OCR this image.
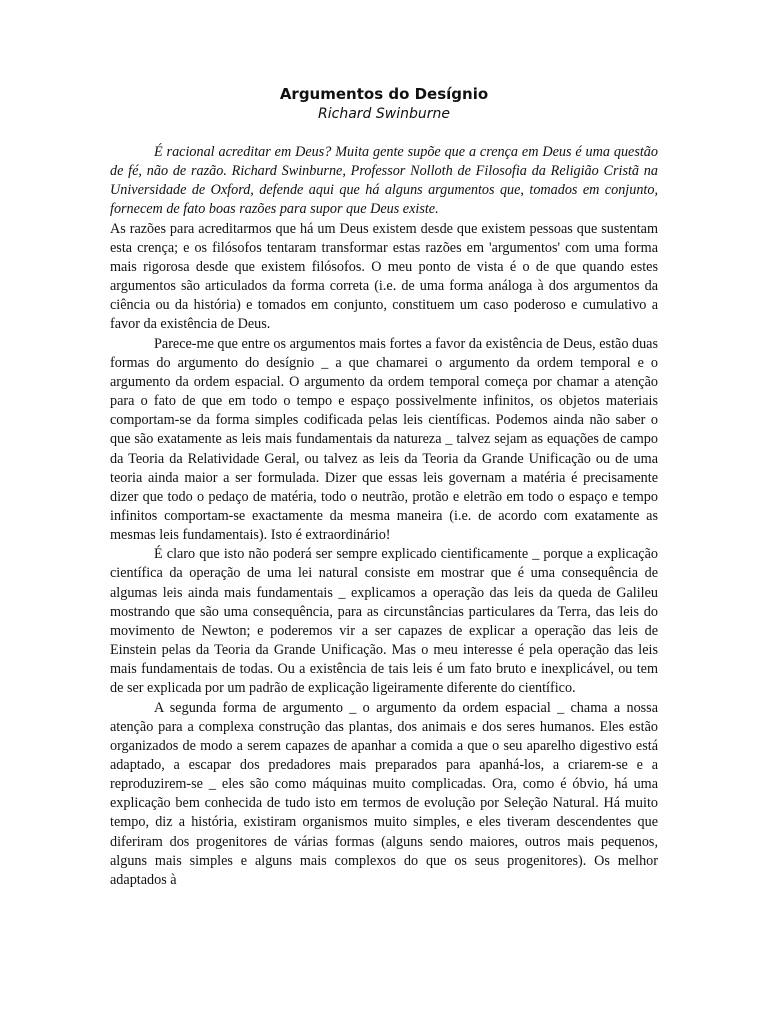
Argumentos do Desígnio
Richard Swinburne

É racional acreditar em Deus? Muita gente supõe que a crença em Deus é uma questão de fé, não de razão. Richard Swinburne, Professor Nolloth de Filosofia da Religião Cristã na Universidade de Oxford, defende aqui que há alguns argumentos que, tomados em conjunto, fornecem de fato boas razões para supor que Deus existe.

As razões para acreditarmos que há um Deus existem desde que existem pessoas que sustentam esta crença; e os filósofos tentaram transformar estas razões em 'argumentos' com uma forma mais rigorosa desde que existem filósofos. O meu ponto de vista é o de que quando estes argumentos são articulados da forma correta (i.e. de uma forma análoga à dos argumentos da ciência ou da história) e tomados em conjunto, constituem um caso poderoso e cumulativo a favor da existência de Deus.

Parece-me que entre os argumentos mais fortes a favor da existência de Deus, estão duas formas do argumento do desígnio _ a que chamarei o argumento da ordem temporal e o argumento da ordem espacial. O argumento da ordem temporal começa por chamar a atenção para o fato de que em todo o tempo e espaço possivelmente infinitos, os objetos materiais comportam-se da forma simples codificada pelas leis científicas. Podemos ainda não saber o que são exatamente as leis mais fundamentais da natureza _ talvez sejam as equações de campo da Teoria da Relatividade Geral, ou talvez as leis da Teoria da Grande Unificação ou de uma teoria ainda maior a ser formulada. Dizer que essas leis governam a matéria é precisamente dizer que todo o pedaço de matéria, todo o neutrão, protão e eletrão em todo o espaço e tempo infinitos comportam-se exactamente da mesma maneira (i.e. de acordo com exatamente as mesmas leis fundamentais). Isto é extraordinário!

É claro que isto não poderá ser sempre explicado cientificamente _ porque a explicação científica da operação de uma lei natural consiste em mostrar que é uma consequência de algumas leis ainda mais fundamentais _ explicamos a operação das leis da queda de Galileu mostrando que são uma consequência, para as circunstâncias particulares da Terra, das leis do movimento de Newton; e poderemos vir a ser capazes de explicar a operação das leis de Einstein pelas da Teoria da Grande Unificação. Mas o meu interesse é pela operação das leis mais fundamentais de todas. Ou a existência de tais leis é um fato bruto e inexplicável, ou tem de ser explicada por um padrão de explicação ligeiramente diferente do científico.

A segunda forma de argumento _ o argumento da ordem espacial _ chama a nossa atenção para a complexa construção das plantas, dos animais e dos seres humanos. Eles estão organizados de modo a serem capazes de apanhar a comida a que o seu aparelho digestivo está adaptado, a escapar dos predadores mais preparados para apanhá-los, a criarem-se e a reproduzirem-se _ eles são como máquinas muito complicadas. Ora, como é óbvio, há uma explicação bem conhecida de tudo isto em termos de evolução por Seleção Natural. Há muito tempo, diz a história, existiram organismos muito simples, e eles tiveram descendentes que diferiram dos progenitores de várias formas (alguns sendo maiores, outros mais pequenos, alguns mais simples e alguns mais complexos do que os seus progenitores). Os melhor adaptados à
